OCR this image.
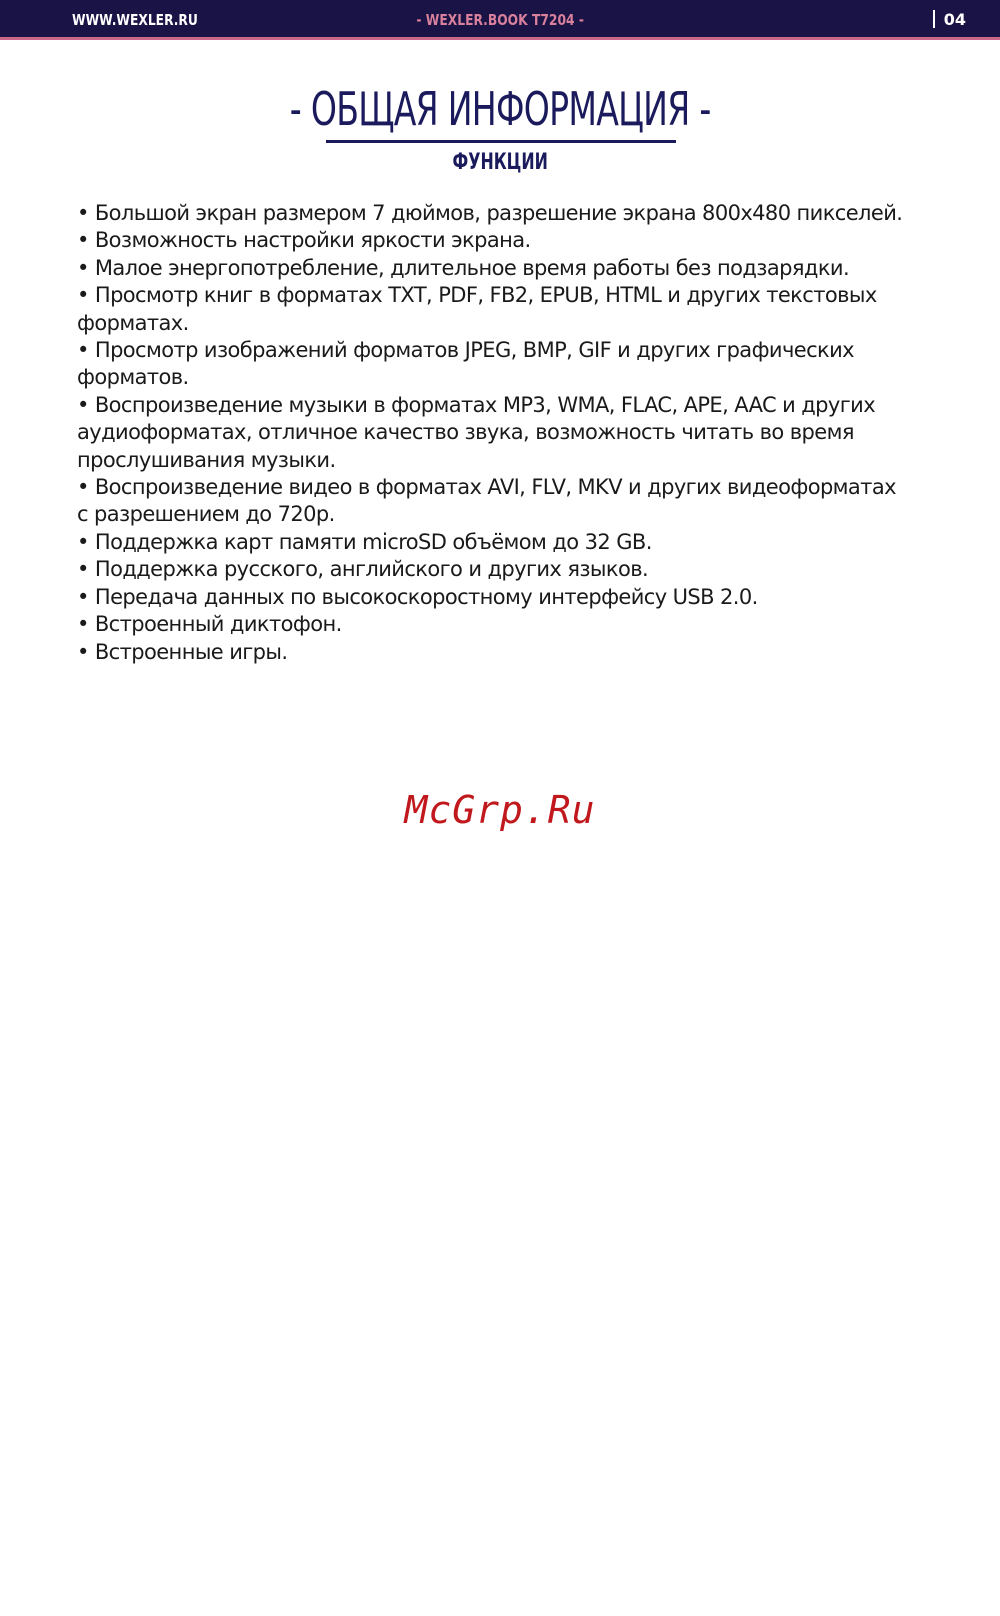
WWW.WEXLER.RU	- WEXLER.BOOK T7204 -	04
- ОБЩАЯ ИНФОРМАЦИЯ -
ФУНКЦИИ
• Большой экран размером 7 дюймов, разрешение экрана 800x480 пикселей.
• Возможность настройки яркости экрана.
• Малое энергопотребление, длительное время работы без подзарядки.
• Просмотр книг в форматах TXT, PDF, FB2, EPUB, HTML и других текстовых форматах.
• Просмотр изображений форматов JPEG, BMP, GIF и других графических форматов.
• Воспроизведение музыки в форматах MP3, WMA, FLAC, APE, AAC и других аудиоформатах, отличное качество звука, возможность читать во время прослушивания музыки.
• Воспроизведение видео в форматах AVI, FLV, MKV и других видеоформатах с разрешением до 720p.
• Поддержка карт памяти microSD объёмом до 32 GB.
• Поддержка русского, английского и других языков.
• Передача данных по высокоскоростному интерфейсу USB 2.0.
• Встроенный диктофон.
• Встроенные игры.
McGrp.Ru
